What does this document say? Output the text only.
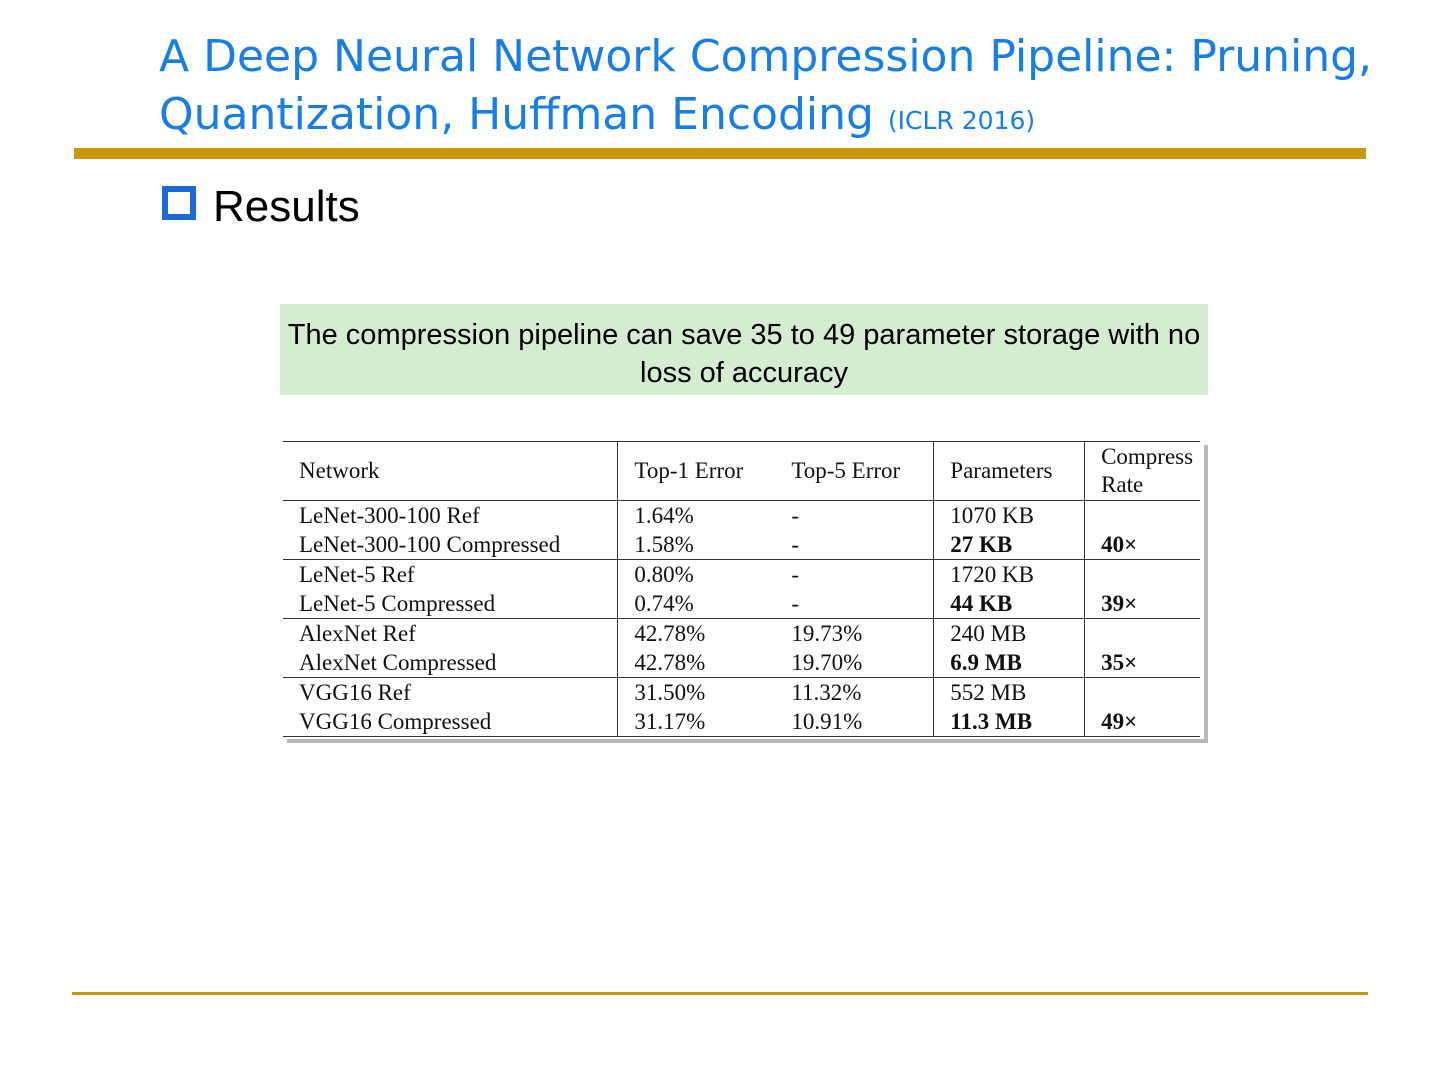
A Deep Neural Network Compression Pipeline: Pruning, Quantization, Huffman Encoding (ICLR 2016)
Results
The compression pipeline can save 35 to 49 parameter storage with no loss of accuracy
Network	Top-1 Error	Top-5 Error	Parameters	Compress Rate
LeNet-300-100 Ref	1.64%	-	1070 KB	
LeNet-300-100 Compressed	1.58%	-	27 KB	40×
LeNet-5 Ref	0.80%	-	1720 KB	
LeNet-5 Compressed	0.74%	-	44 KB	39×
AlexNet Ref	42.78%	19.73%	240 MB	
AlexNet Compressed	42.78%	19.70%	6.9 MB	35×
VGG16 Ref	31.50%	11.32%	552 MB	
VGG16 Compressed	31.17%	10.91%	11.3 MB	49×
